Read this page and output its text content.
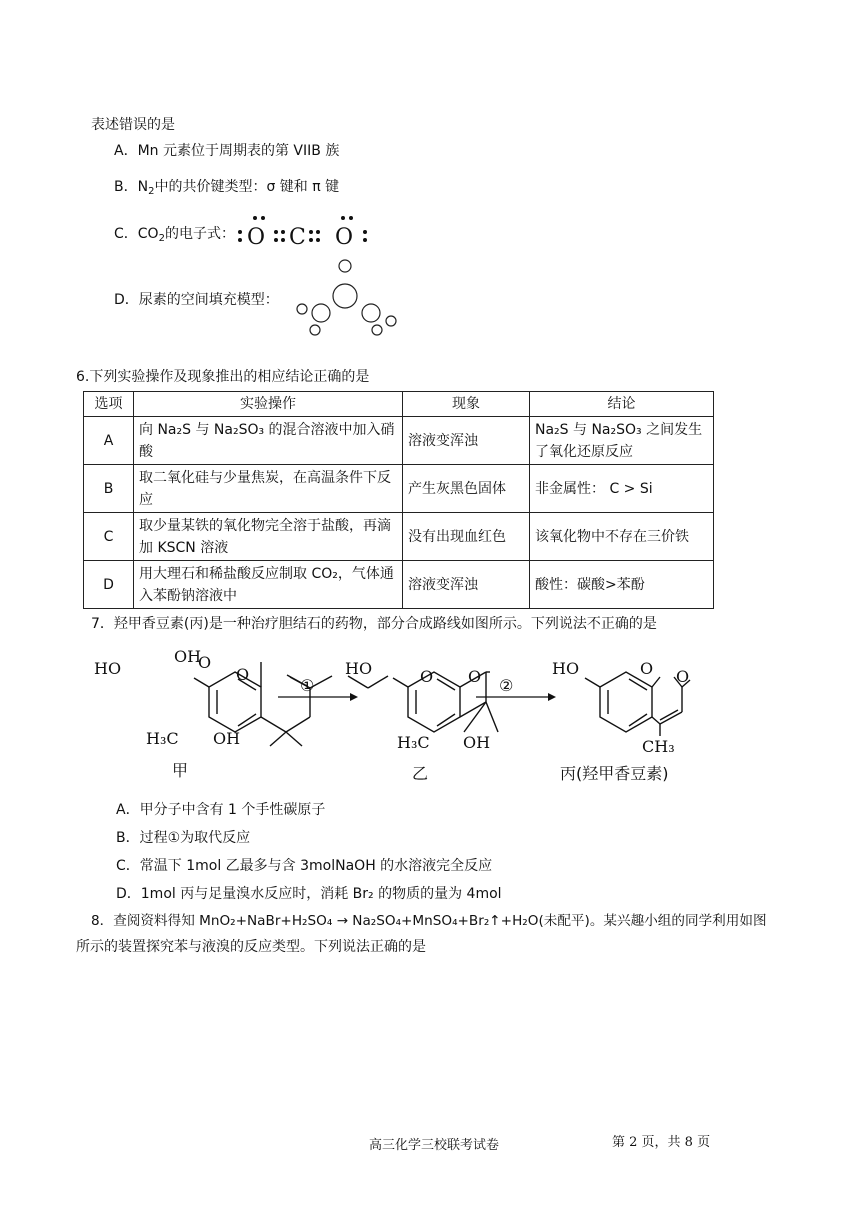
表述错误的是
A．Mn 元素位于周期表的第 VIIB 族
B．$N_2$中的共价键类型：σ 键和 π 键
C．$CO_2$的电子式： O C O
D．尿素的空间填充模型：
6.下列实验操作及现象推出的相应结论正确的是
选项	实验操作	现象	结论
A	向 Na₂S 与 Na₂SO₃ 的混合溶液中加入硝酸	溶液变浑浊	Na₂S 与 Na₂SO₃ 之间发生了氧化还原反应
B	取二氧化硅与少量焦炭，在高温条件下反应	产生灰黑色固体	非金属性： C > Si
C	取少量某铁的氧化物完全溶于盐酸，再滴加 KSCN 溶液	没有出现血红色	该氧化物中不存在三价铁
D	用大理石和稀盐酸反应制取 CO₂，气体通入苯酚钠溶液中	溶液变浑浊	酸性：碳酸>苯酚
7．羟甲香豆素(丙)是一种治疗胆结石的药物，部分合成路线如图所示。下列说法不正确的是
HO
OH
O
O
H₃C OH
HO	O O
H₃C OH
HO	O O
CH₃
①	②
甲	乙	丙(羟甲香豆素)
A．甲分子中含有 1 个手性碳原子
B．过程①为取代反应
C．常温下 1mol 乙最多与含 3molNaOH 的水溶液完全反应
D．1mol 丙与足量溴水反应时，消耗 Br₂ 的物质的量为 4mol
8．查阅资料得知 MnO₂+NaBr+H₂SO₄ → Na₂SO₄+MnSO₄+Br₂↑+H₂O(未配平)。某兴趣小组的同学利用如图
所示的装置探究苯与液溴的反应类型。下列说法正确的是
高三化学三校联考试卷	第 2 页，共 8 页
